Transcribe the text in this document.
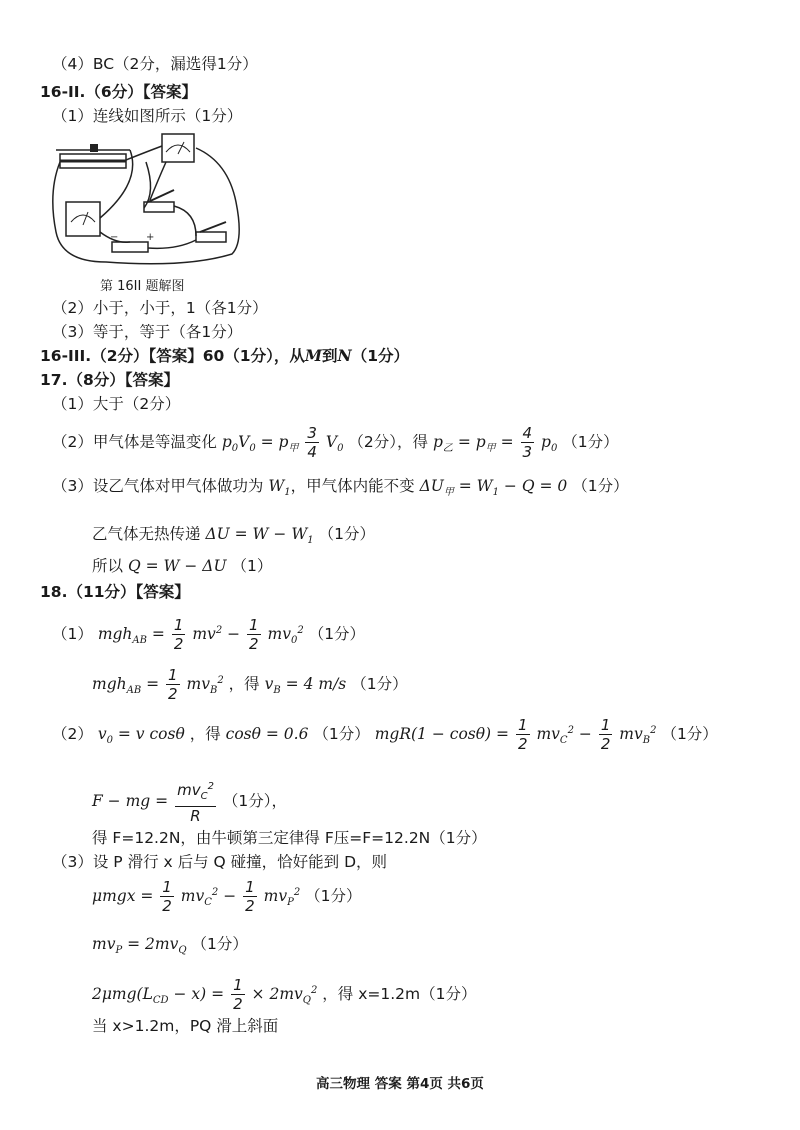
（4）BC（2分，漏选得1分）
16-II.（6分）【答案】
（1）连线如图所示（1分）
−	+
第 16II 题解图
（2）小于，小于，1（各1分）
（3）等于，等于（各1分）
16-III.（2分）【答案】60（1分），从M到N（1分）
17.（8分）【答案】
（1）大于（2分）
（2）甲气体是等温变化 $p_0V_0 = p_甲 \frac{3}{4} V_0$ （2分），得 $p_乙 = p_甲 = \frac{4}{3} p_0$ （1分）
（3）设乙气体对甲气体做功为 $W_1$，甲气体内能不变 $\Delta U_甲 = W_1 - Q = 0$ （1分）
乙气体无热传递 $\Delta U = W - W_1$ （1分）
所以 Q = W − ΔU （1）
18.（11分）【答案】
（1） $mgh_{AB} = \frac{1}{2} mv^2 - \frac{1}{2} mv_0^2$ （1分）
$mgh_{AB} = \frac{1}{2} mv_B^2$ ，得 $v_B = 4$ m/s （1分）
（2） $v_0 = v$ cosθ ，得 cosθ = 0.6 （1分） $mgR(1 - \cos\theta) = \frac{1}{2} mv_C^2 - \frac{1}{2} mv_B^2$ （1分）
F − mg =
$mv_C^2$
R
（1分），
得 F=12.2N，由牛顿第三定律得 F压=F=12.2N（1分）
（3）设 P 滑行 x 后与 Q 碰撞，恰好能到 D，则
$\mu mgx = \frac{1}{2} mv_C^2 - \frac{1}{2} mv_P^2$ （1分）
$mv_P = 2mv_Q$ （1分）
$2\mu mg(L_{CD} - x) = \frac{1}{2} \times 2mv_Q^2$ ，得 x=1.2m（1分）
当 x>1.2m，PQ 滑上斜面
高三物理 答案 第4页 共6页
